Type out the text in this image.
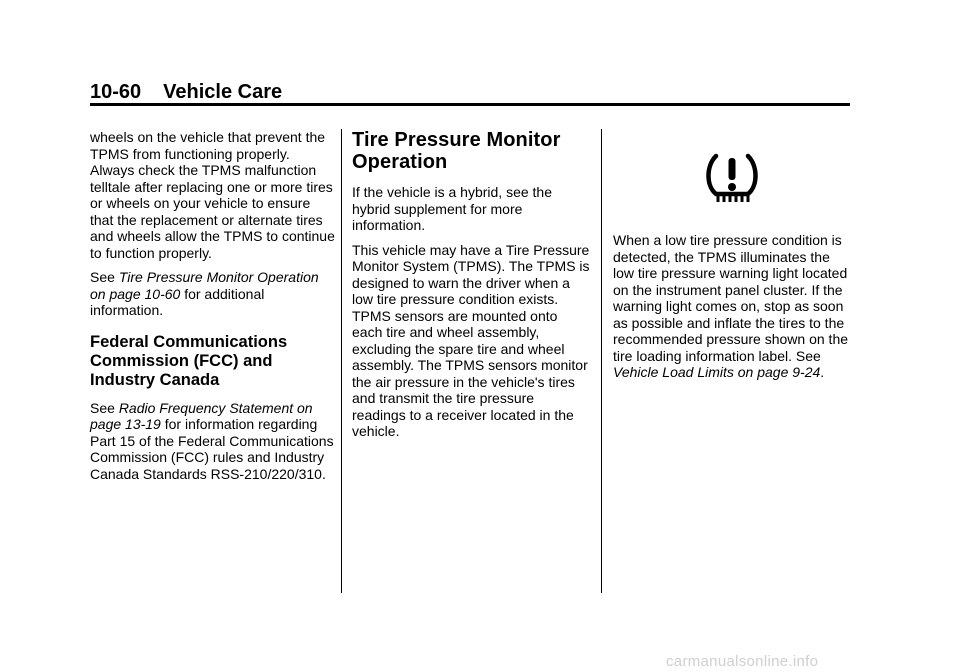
10-60 Vehicle Care

wheels on the vehicle that prevent the TPMS from functioning properly. Always check the TPMS malfunction telltale after replacing one or more tires or wheels on your vehicle to ensure that the replacement or alternate tires and wheels allow the TPMS to continue to function properly.

See Tire Pressure Monitor Operation on page 10-60 for additional information.

Federal Communications Commission (FCC) and Industry Canada

See Radio Frequency Statement on page 13-19 for information regarding Part 15 of the Federal Communications Commission (FCC) rules and Industry Canada Standards RSS-210/220/310.

Tire Pressure Monitor Operation

If the vehicle is a hybrid, see the hybrid supplement for more information.

This vehicle may have a Tire Pressure Monitor System (TPMS). The TPMS is designed to warn the driver when a low tire pressure condition exists. TPMS sensors are mounted onto each tire and wheel assembly, excluding the spare tire and wheel assembly. The TPMS sensors monitor the air pressure in the vehicle's tires and transmit the tire pressure readings to a receiver located in the vehicle.

When a low tire pressure condition is detected, the TPMS illuminates the low tire pressure warning light located on the instrument panel cluster. If the warning light comes on, stop as soon as possible and inflate the tires to the recommended pressure shown on the tire loading information label. See Vehicle Load Limits on page 9-24.

carmanualsonline.info
